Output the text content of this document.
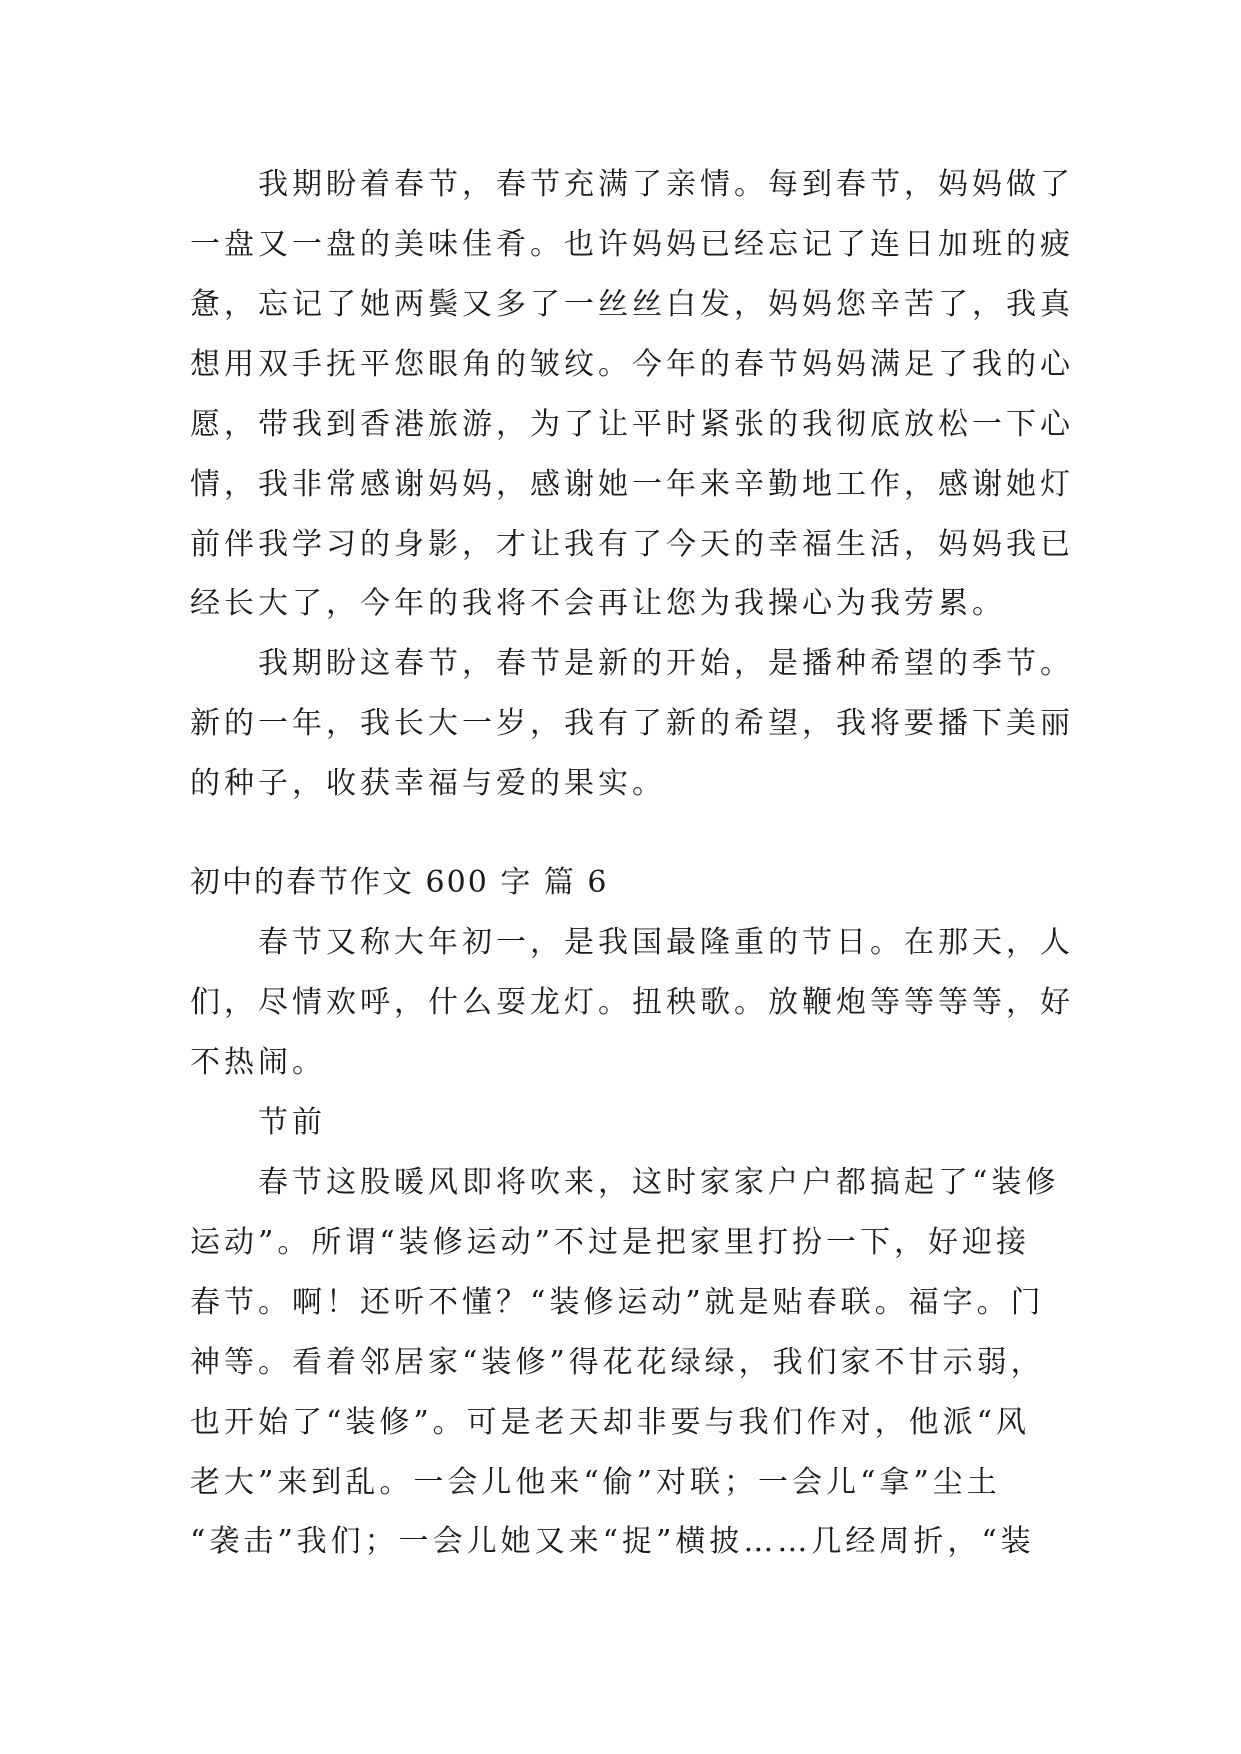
我期盼着春节，春节充满了亲情。每到春节，妈妈做了
一盘又一盘的美味佳肴。也许妈妈已经忘记了连日加班的疲
惫，忘记了她两鬓又多了一丝丝白发，妈妈您辛苦了，我真
想用双手抚平您眼角的皱纹。今年的春节妈妈满足了我的心
愿，带我到香港旅游，为了让平时紧张的我彻底放松一下心
情，我非常感谢妈妈，感谢她一年来辛勤地工作，感谢她灯
前伴我学习的身影，才让我有了今天的幸福生活，妈妈我已
经长大了，今年的我将不会再让您为我操心为我劳累。
我期盼这春节，春节是新的开始，是播种希望的季节。
新的一年，我长大一岁，我有了新的希望，我将要播下美丽
的种子，收获幸福与爱的果实。
初中的春节作文 600 字 篇 6
春节又称大年初一，是我国最隆重的节日。在那天，人
们，尽情欢呼，什么耍龙灯。扭秧歌。放鞭炮等等等等，好
不热闹。
节前
春节这股暖风即将吹来，这时家家户户都搞起了“装修
运动”。所谓“装修运动”不过是把家里打扮一下，好迎接
春节。啊！还听不懂？“装修运动”就是贴春联。福字。门
神等。看着邻居家“装修”得花花绿绿，我们家不甘示弱，
也开始了“装修”。可是老天却非要与我们作对，他派“风
老大”来到乱。一会儿他来“偷”对联；一会儿“拿”尘土
“袭击”我们；一会儿她又来“捉”横披……几经周折，“装
